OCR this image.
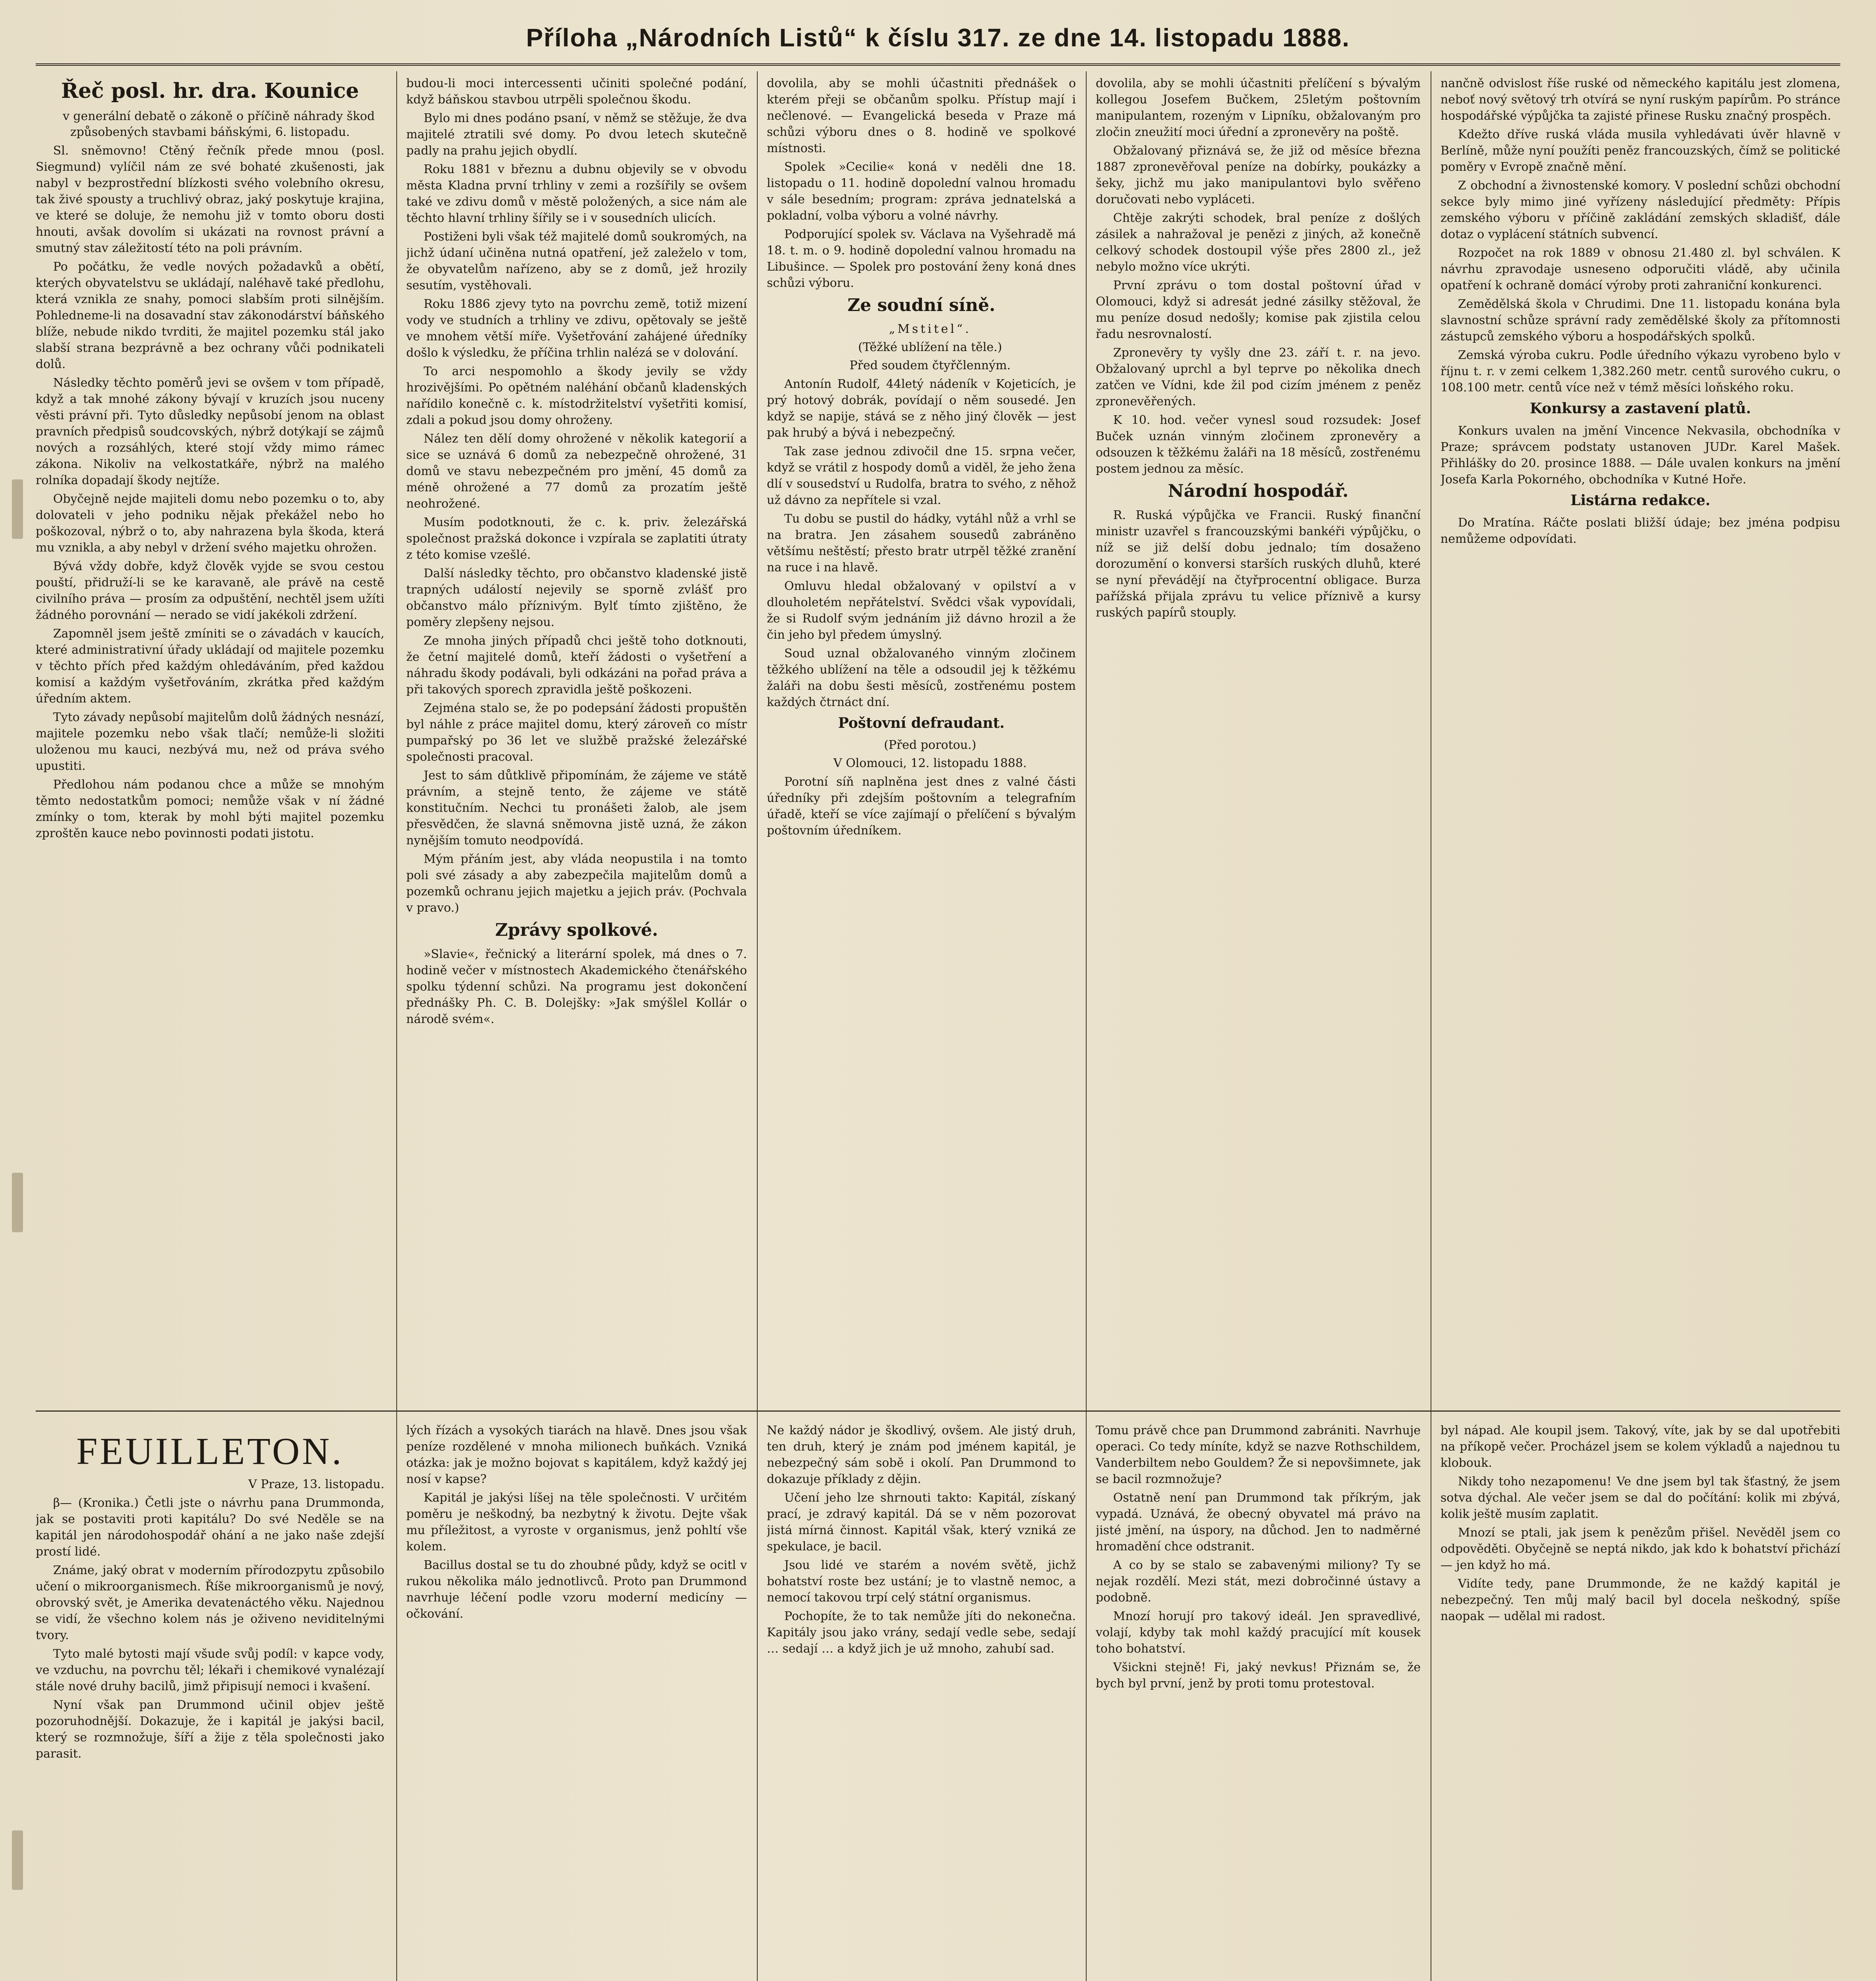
Příloha „Národních Listů“ k číslu 317. ze dne 14. listopadu 1888.
Řeč posl. hr. dra. Kounice

v generální debatě o zákoně o příčině náhrady škod způsobených stavbami báňskými, 6. listopadu.

Sl. sněmovno! Ctěný řečník přede mnou (posl. Siegmund) vylíčil nám ze své bohaté zkušenosti, jak nabyl v bezprostřední blízkosti svého volebního okresu, tak živé spousty a truchlivý obraz, jaký poskytuje krajina, ve které se doluje, že nemohu již v tomto oboru dosti hnouti, avšak dovolím si ukázati na rovnost právní a smutný stav záležitostí této na poli právním.

Po počátku, že vedle nových požadavků a obětí, kterých obyvatelstvu se ukládají, naléhavě také předlohu, která vznikla ze snahy, pomoci slabším proti silnějším. Pohledneme-li na dosavadní stav zákonodárství báňského blíže, nebude nikdo tvrditi, že majitel pozemku stál jako slabší strana bezprávně a bez ochrany vůči podnikateli dolů.

Následky těchto poměrů jevi se ovšem v tom případě, když a tak mnohé zákony bývají v kruzích jsou nuceny věsti právní při. Tyto důsledky nepůsobí jenom na oblast pravních předpisů soudcovských, nýbrž dotýkají se zájmů nových a rozsáhlých, které stojí vždy mimo rámec zákona. Nikoliv na velkostatkáře, nýbrž na malého rolníka dopadají škody nejtíže.

Obyčejně nejde majiteli domu nebo pozemku o to, aby dolovateli v jeho podniku nějak překážel nebo ho poškozoval, nýbrž o to, aby nahrazena byla škoda, která mu vznikla, a aby nebyl v držení svého majetku ohrožen.

Bývá vždy dobře, když člověk vyjde se svou cestou pouští, přidruží-li se ke karavaně, ale právě na cestě civilního práva — prosím za odpuštění, nechtěl jsem užíti žádného porovnání — nerado se vidí jakékoli zdržení.

Zapomněl jsem ještě zmíniti se o závadách v kaucích, které administrativní úřady ukládají od majitele pozemku v těchto přích před každým ohledáváním, před každou komisí a každým vyšetřováním, zkrátka před každým úředním aktem.

Tyto závady nepůsobí majitelům dolů žádných nesnází, majitele pozemku nebo však tlačí; nemůže-li složiti uloženou mu kauci, nezbývá mu, než od práva svého upustiti.

Předlohou nám podanou chce a může se mnohým těmto nedostatkům pomoci; nemůže však v ní žádné zmínky o tom, kterak by mohl býti majitel pozemku zproštěn kauce nebo povinnosti podati jistotu.

budou-li moci intercessenti učiniti společné podání, když báňskou stavbou utrpěli společnou škodu.

Bylo mi dnes podáno psaní, v němž se stěžuje, že dva majitelé ztratili své domy. Po dvou letech skutečně padly na prahu jejich obydlí.

Roku 1881 v březnu a dubnu objevily se v obvodu města Kladna první trhliny v zemi a rozšířily se ovšem také ve zdivu domů v městě položených, a sice nám ale těchto hlavní trhliny šířily se i v sousedních ulicích.

Postiženi byli však též majitelé domů soukromých, na jichž údaní učiněna nutná opatření, jež zaleželo v tom, že obyvatelům nařízeno, aby se z domů, jež hrozily sesutím, vystěhovali.

Roku 1886 zjevy tyto na povrchu země, totiž mizení vody ve studních a trhliny ve zdivu, opětovaly se ještě ve mnohem větší míře. Vyšetřování zahájené úředníky došlo k výsledku, že příčina trhlin nalézá se v dolování.

To arci nespomohlo a škody jevily se vždy hrozivějšími. Po opětném naléhání občanů kladenských nařídilo konečně c. k. místodržitelství vyšetřiti komisí, zdali a pokud jsou domy ohroženy.

Nález ten dělí domy ohrožené v několik kategorií a sice se uznává 6 domů za nebezpečně ohrožené, 31 domů ve stavu nebezpečném pro jmění, 45 domů za méně ohrožené a 77 domů za prozatím ještě neohrožené.

Musím podotknouti, že c. k. priv. železářská společnost pražská dokonce i vzpírala se zaplatiti útraty z této komise vzešlé.

Další následky těchto, pro občanstvo kladenské jistě trapných událostí nejevily se sporně zvlášť pro občanstvo málo příznivým. Bylť tímto zjištěno, že poměry zlepšeny nejsou.

Ze mnoha jiných případů chci ještě toho dotknouti, že četní majitelé domů, kteří žádosti o vyšetření a náhradu škody podávali, byli odkázáni na pořad práva a při takových sporech zpravidla ještě poškozeni.

Zejména stalo se, že po podepsání žádosti propuštěn byl náhle z práce majitel domu, který zároveň co místr pumpařský po 36 let ve službě pražské železářské společnosti pracoval.

Jest to sám důtklivě připomínám, že zájeme ve státě právním, a stejně tento, že zájeme ve státě konstitučním. Nechci tu pronášeti žalob, ale jsem přesvědčen, že slavná sněmovna jistě uzná, že zákon nynějším tomuto neodpovídá.

Mým přáním jest, aby vláda neopustila i na tomto poli své zásady a aby zabezpečila majitelům domů a pozemků ochranu jejich majetku a jejich práv. (Pochvala v pravo.)

Zprávy spolkové.

»Slavie«, řečnický a literární spolek, má dnes o 7. hodině večer v místnostech Akademického čtenářského spolku týdenní schůzi. Na programu jest dokončení přednášky Ph. C. B. Dolejšky: »Jak smýšlel Kollár o národě svém«.

dovolila, aby se mohli účastniti přednášek o kterém přeji se občanům spolku. Přístup mají i nečlenové. — Evangelická beseda v Praze má schůzi výboru dnes o 8. hodině ve spolkové místnosti.

Spolek »Cecilie« koná v neděli dne 18. listopadu o 11. hodině dopolední valnou hromadu v sále besedním; program: zpráva jednatelská a pokladní, volba výboru a volné návrhy.

Podporující spolek sv. Václava na Vyšehradě má 18. t. m. o 9. hodině dopolední valnou hromadu na Libušince. — Spolek pro postování ženy koná dnes schůzi výboru.

Ze soudní síně.

„Mstitel“.

(Těžké ublížení na těle.)

Před soudem čtyřčlenným.

Antonín Rudolf, 44letý nádeník v Kojeticích, je prý hotový dobrák, povídají o něm sousedé. Jen když se napije, stává se z něho jiný člověk — jest pak hrubý a bývá i nebezpečný.

Tak zase jednou zdivočil dne 15. srpna večer, když se vrátil z hospody domů a viděl, že jeho žena dlí v sousedství u Rudolfa, bratra to svého, z něhož už dávno za nepřítele si vzal.

Tu dobu se pustil do hádky, vytáhl nůž a vrhl se na bratra. Jen zásahem sousedů zabráněno většímu neštěstí; přesto bratr utrpěl těžké zranění na ruce i na hlavě.

Omluvu hledal obžalovaný v opilství a v dlouholetém nepřátelství. Svědci však vypovídali, že si Rudolf svým jednáním již dávno hrozil a že čin jeho byl předem úmyslný.

Soud uznal obžalovaného vinným zločinem těžkého ublížení na těle a odsoudil jej k těžkému žaláři na dobu šesti měsíců, zostřenému postem každých čtrnáct dní.

Poštovní defraudant.

(Před porotou.)

V Olomouci, 12. listopadu 1888.

Porotní síň naplněna jest dnes z valné části úředníky při zdejším poštovním a telegrafním úřadě, kteří se více zajímají o přelíčení s bývalým poštovním úředníkem.

dovolila, aby se mohli účastniti přelíčení s bývalým kollegou Josefem Bučkem, 25letým poštovním manipulantem, rozeným v Lipníku, obžalovaným pro zločin zneužití moci úřední a zpronevěry na poště.

Obžalovaný přiznává se, že již od měsíce března 1887 zpronevěřoval peníze na dobírky, poukázky a šeky, jichž mu jako manipulantovi bylo svěřeno doručovati nebo vypláceti.

Chtěje zakrýti schodek, bral peníze z došlých zásilek a nahražoval je penězi z jiných, až konečně celkový schodek dostoupil výše přes 2800 zl., jež nebylo možno více ukrýti.

První zprávu o tom dostal poštovní úřad v Olomouci, když si adresát jedné zásilky stěžoval, že mu peníze dosud nedošly; komise pak zjistila celou řadu nesrovnalostí.

Zpronevěry ty vyšly dne 23. září t. r. na jevo. Obžalovaný uprchl a byl teprve po několika dnech zatčen ve Vídni, kde žil pod cizím jménem z peněz zpronevěřených.

K 10. hod. večer vynesl soud rozsudek: Josef Buček uznán vinným zločinem zpronevěry a odsouzen k těžkému žaláři na 18 měsíců, zostřenému postem jednou za měsíc.

Národní hospodář.

R. Ruská výpůjčka ve Francii. Ruský finanční ministr uzavřel s francouzskými bankéři výpůjčku, o níž se již delší dobu jednalo; tím dosaženo dorozumění o konversi starších ruských dluhů, které se nyní převádějí na čtyřprocentní obligace. Burza pařížská přijala zprávu tu velice příznivě a kursy ruských papírů stouply.

nančně odvislost říše ruské od německého kapitálu jest zlomena, neboť nový světový trh otvírá se nyní ruským papírům. Po stránce hospodářské výpůjčka ta zajisté přinese Rusku značný prospěch.

Kdežto dříve ruská vláda musila vyhledávati úvěr hlavně v Berlíně, může nyní použíti peněz francouzských, čímž se politické poměry v Evropě značně mění.

Z obchodní a živnostenské komory. V poslední schůzi obchodní sekce byly mimo jiné vyřízeny následující předměty: Přípis zemského výboru v příčině zakládání zemských skladišť, dále dotaz o vyplácení státních subvencí.

Rozpočet na rok 1889 v obnosu 21.480 zl. byl schválen. K návrhu zpravodaje usneseno odporučiti vládě, aby učinila opatření k ochraně domácí výroby proti zahraniční konkurenci.

Zemědělská škola v Chrudimi. Dne 11. listopadu konána byla slavnostní schůze správní rady zemědělské školy za přítomnosti zástupců zemského výboru a hospodářských spolků.

Zemská výroba cukru. Podle úředního výkazu vyrobeno bylo v říjnu t. r. v zemi celkem 1,382.260 metr. centů surového cukru, o 108.100 metr. centů více než v témž měsíci loňského roku.

Konkursy a zastavení platů.

Konkurs uvalen na jmění Vincence Nekvasila, obchodníka v Praze; správcem podstaty ustanoven JUDr. Karel Mašek. Přihlášky do 20. prosince 1888. — Dále uvalen konkurs na jmění Josefa Karla Pokorného, obchodníka v Kutné Hoře.

Listárna redakce.

Do Mratína. Ráčte poslati bližší údaje; bez jména podpisu nemůžeme odpovídati.

FEUILLETON.

V Praze, 13. listopadu.

β— (Kronika.) Četli jste o návrhu pana Drummonda, jak se postaviti proti kapitálu? Do své Neděle se na kapitál jen národohospodář ohání a ne jako naše zdejší prostí lidé.

Známe, jaký obrat v moderním přírodozpytu způsobilo učení o mikroorganismech. Říše mikroorganismů je nový, obrovský svět, je Amerika devatenáctého věku. Najednou se vidí, že všechno kolem nás je oživeno neviditelnými tvory.

Tyto malé bytosti mají všude svůj podíl: v kapce vody, ve vzduchu, na povrchu těl; lékaři i chemikové vynalézají stále nové druhy bacilů, jimž připisují nemoci i kvašení.

Nyní však pan Drummond učinil objev ještě pozoruhodnější. Dokazuje, že i kapitál je jakýsi bacil, který se rozmnožuje, šíří a žije z těla společnosti jako parasit.

lých řízách a vysokých tiarách na hlavě. Dnes jsou však peníze rozdělené v mnoha milionech buňkách. Vzniká otázka: jak je možno bojovat s kapitálem, když každý jej nosí v kapse?

Kapitál je jakýsi líšej na těle společnosti. V určitém poměru je neškodný, ba nezbytný k životu. Dejte však mu příležitost, a vyroste v organismus, jenž pohltí vše kolem.

Bacillus dostal se tu do zhoubné půdy, když se ocitl v rukou několika málo jednotlivců. Proto pan Drummond navrhuje léčení podle vzoru moderní medicíny — očkování.

Ne každý nádor je škodlivý, ovšem. Ale jistý druh, ten druh, který je znám pod jménem kapitál, je nebezpečný sám sobě i okolí. Pan Drummond to dokazuje příklady z dějin.

Učení jeho lze shrnouti takto: Kapitál, získaný prací, je zdravý kapitál. Dá se v něm pozorovat jistá mírná činnost. Kapitál však, který vzniká ze spekulace, je bacil.

Jsou lidé ve starém a novém světě, jichž bohatství roste bez ustání; je to vlastně nemoc, a nemocí takovou trpí celý státní organismus.

Pochopíte, že to tak nemůže jíti do nekonečna. Kapitály jsou jako vrány, sedají vedle sebe, sedají … sedají … a když jich je už mnoho, zahubí sad.

Tomu právě chce pan Drummond zabrániti. Navrhuje operaci. Co tedy míníte, když se nazve Rothschildem, Vanderbiltem nebo Gouldem? Že si nepovšimnete, jak se bacil rozmnožuje?

Ostatně není pan Drummond tak příkrým, jak vypadá. Uznává, že obecný obyvatel má právo na jisté jmění, na úspory, na důchod. Jen to nadměrné hromadění chce odstranit.

A co by se stalo se zabavenými miliony? Ty se nejak rozdělí. Mezi stát, mezi dobročinné ústavy a podobně.

Mnozí horují pro takový ideál. Jen spravedlivé, volají, kdyby tak mohl každý pracující mít kousek toho bohatství.

Všickni stejně! Fi, jaký nevkus! Přiznám se, že bych byl první, jenž by proti tomu protestoval.

byl nápad. Ale koupil jsem. Takový, víte, jak by se dal upotřebiti na příkopě večer. Procházel jsem se kolem výkladů a najednou tu klobouk.

Nikdy toho nezapomenu! Ve dne jsem byl tak šťastný, že jsem sotva dýchal. Ale večer jsem se dal do počítání: kolik mi zbývá, kolik ještě musím zaplatit.

Mnozí se ptali, jak jsem k penězům přišel. Nevěděl jsem co odpověděti. Obyčejně se neptá nikdo, jak kdo k bohatství přichází — jen když ho má.

Vidíte tedy, pane Drummonde, že ne každý kapitál je nebezpečný. Ten můj malý bacil byl docela neškodný, spíše naopak — udělal mi radost.
